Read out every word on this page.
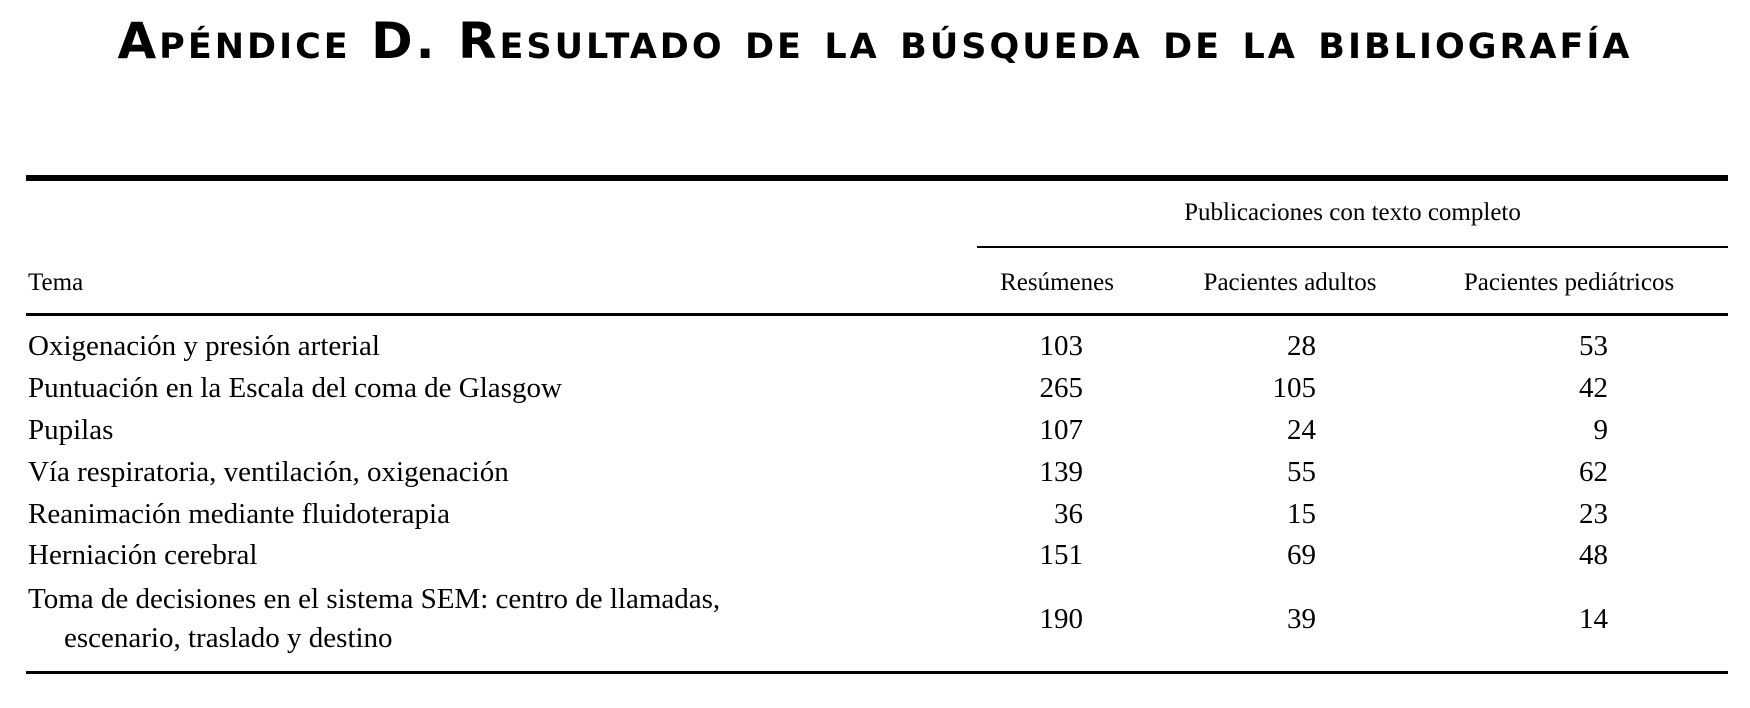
Apéndice D. Resultado de la búsqueda de la bibliografía
Publicaciones con texto completo
Tema	Resúmenes	Pacientes adultos	Pacientes pediátricos
Oxigenación y presión arterial	103	28	53
Puntuación en la Escala del coma de Glasgow	265	105	42
Pupilas	107	24	9
Vía respiratoria, ventilación, oxigenación	139	55	62
Reanimación mediante fluidoterapia	36	15	23
Herniación cerebral	151	69	48
Toma de decisiones en el sistema SEM: centro de llamadas,
escenario, traslado y destino
190	39	14
